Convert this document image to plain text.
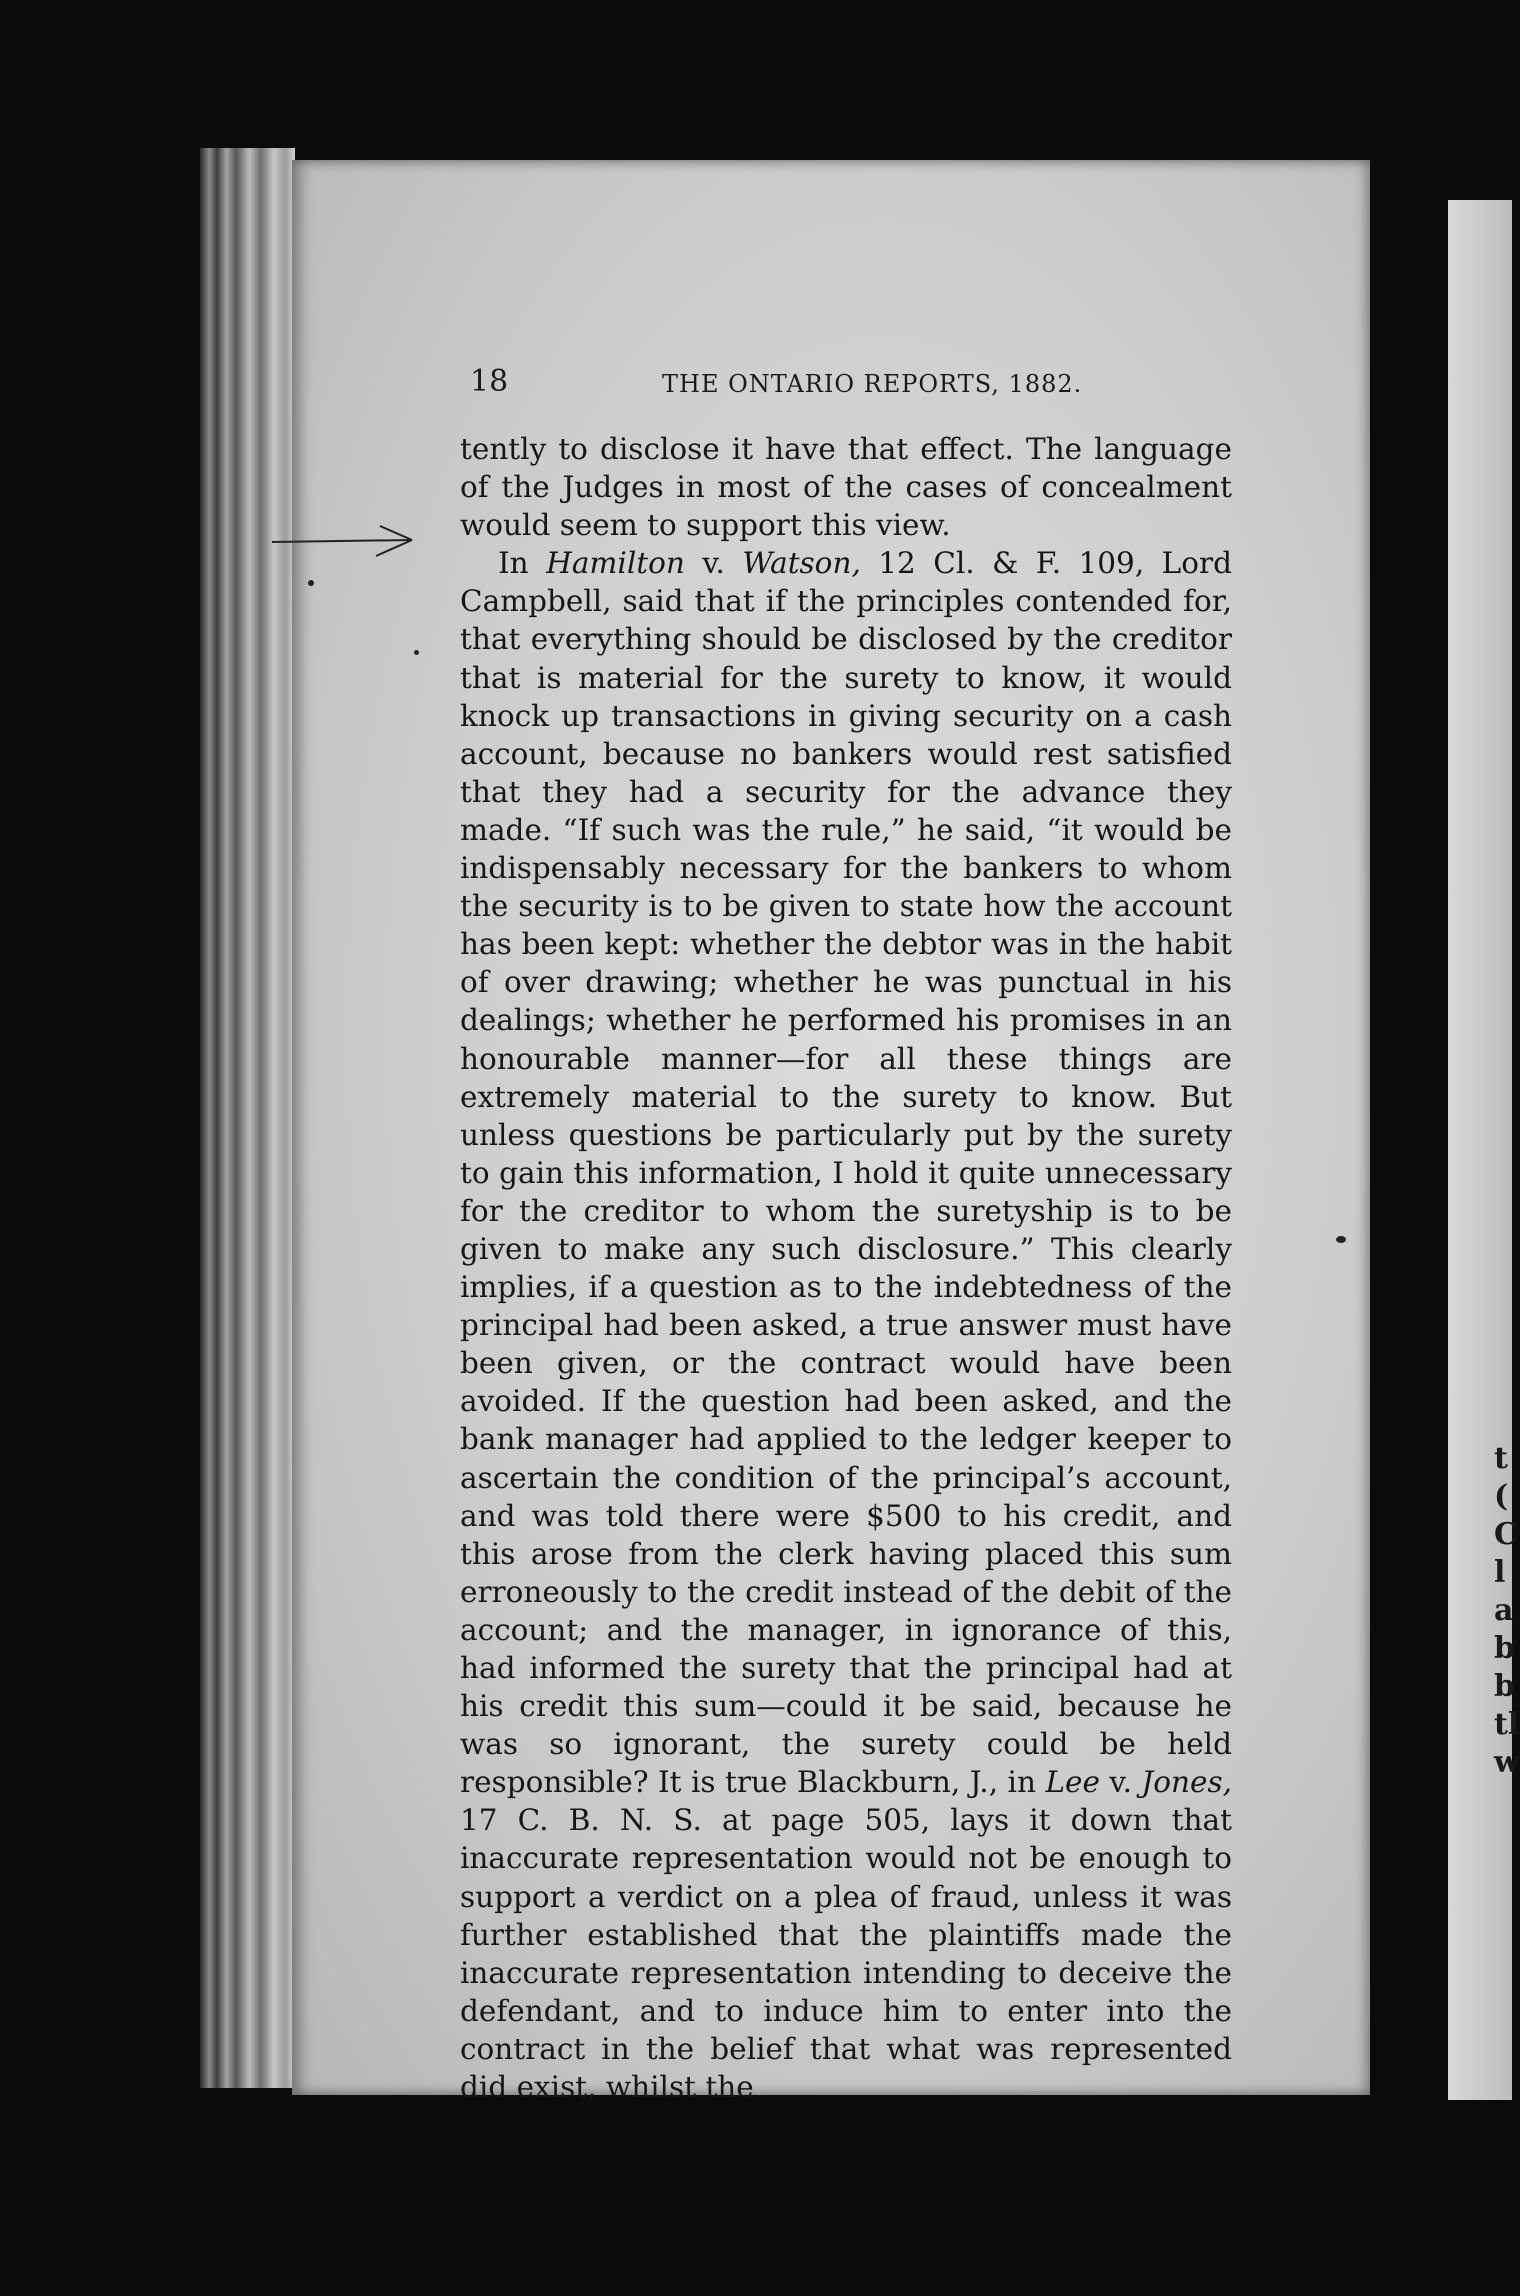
t
(
C
l
a
b
b
tl
w
18	THE ONTARIO REPORTS, 1882.

tently to disclose it have that effect. The language of the Judges in most of the cases of concealment would seem to support this view.

In Hamilton v. Watson, 12 Cl. & F. 109, Lord Campbell, said that if the principles contended for, that everything should be disclosed by the creditor that is material for the surety to know, it would knock up transactions in giving security on a cash account, because no bankers would rest satisfied that they had a security for the advance they made. “If such was the rule,” he said, “it would be indispensably necessary for the bankers to whom the security is to be given to state how the account has been kept: whether the debtor was in the habit of over drawing; whether he was punctual in his dealings; whether he performed his promises in an honourable manner—for all these things are extremely material to the surety to know. But unless questions be particularly put by the surety to gain this information, I hold it quite unnecessary for the creditor to whom the suretyship is to be given to make any such disclosure.” This clearly implies, if a question as to the indebtedness of the principal had been asked, a true answer must have been given, or the contract would have been avoided. If the question had been asked, and the bank manager had applied to the ledger keeper to ascertain the condition of the principal’s account, and was told there were $500 to his credit, and this arose from the clerk having placed this sum erroneously to the credit instead of the debit of the account; and the manager, in ignorance of this, had informed the surety that the principal had at his credit this sum—could it be said, because he was so ignorant, the surety could be held responsible? It is true Blackburn, J., in Lee v. Jones, 17 C. B. N. S. at page 505, lays it down that inaccurate representation would not be enough to support a verdict on a plea of fraud, unless it was further established that the plaintiffs made the inaccurate representation intending to deceive the defendant, and to induce him to enter into the contract in the belief that what was represented did exist, whilst the
